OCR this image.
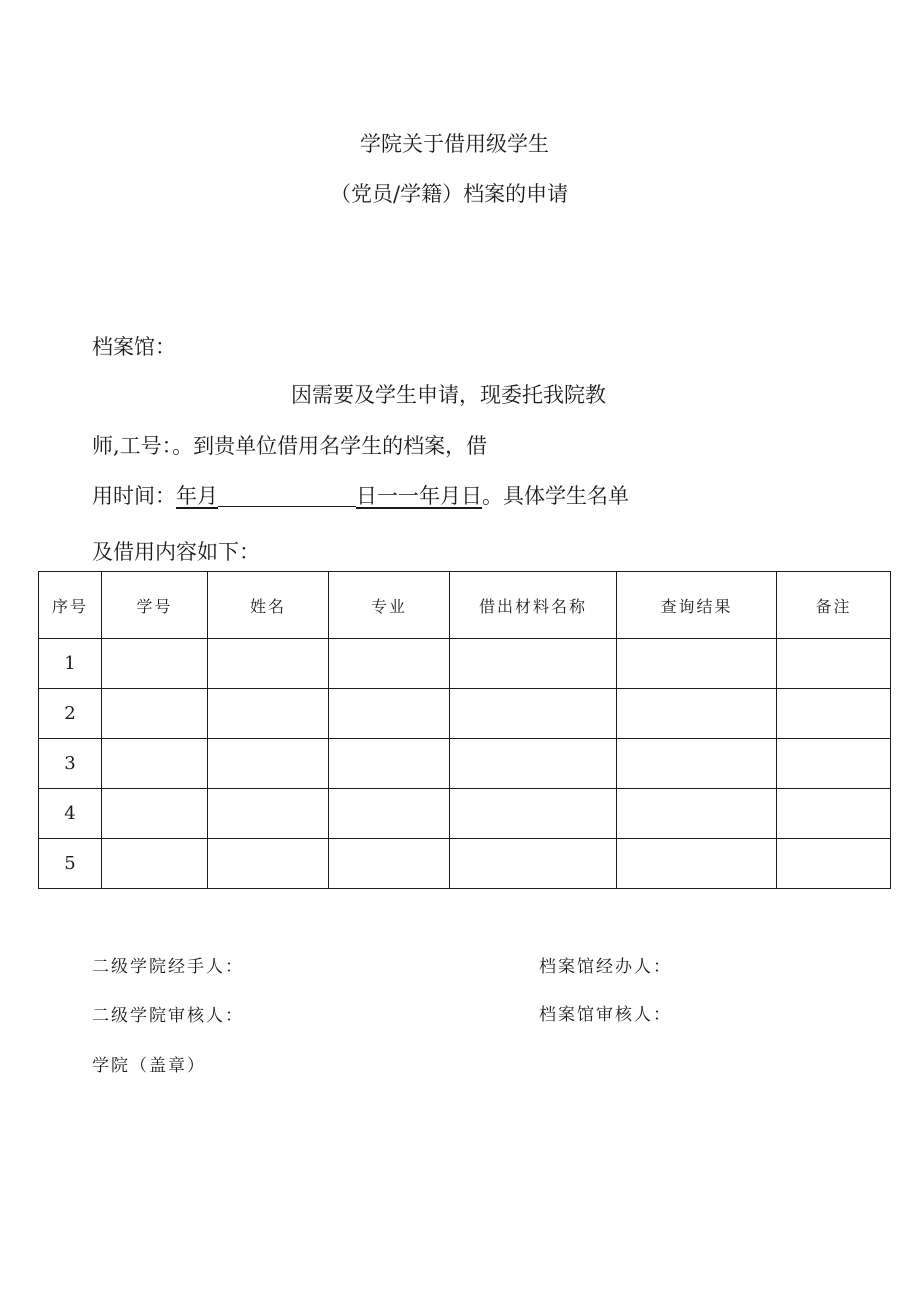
学院关于借用级学生
（党员/学籍）档案的申请
档案馆：
因需要及学生申请，现委托我院教
师,工号：。到贵单位借用名学生的档案，借
用时间：年月	日一一年月日。具体学生名单
及借用内容如下：
序号	学号	姓名	专业	借出材料名称	查询结果	备注
1						
2						
3						
4						
5						
二级学院经手人：	档案馆经办人：
二级学院审核人：	档案馆审核人：
学院（盖章）
